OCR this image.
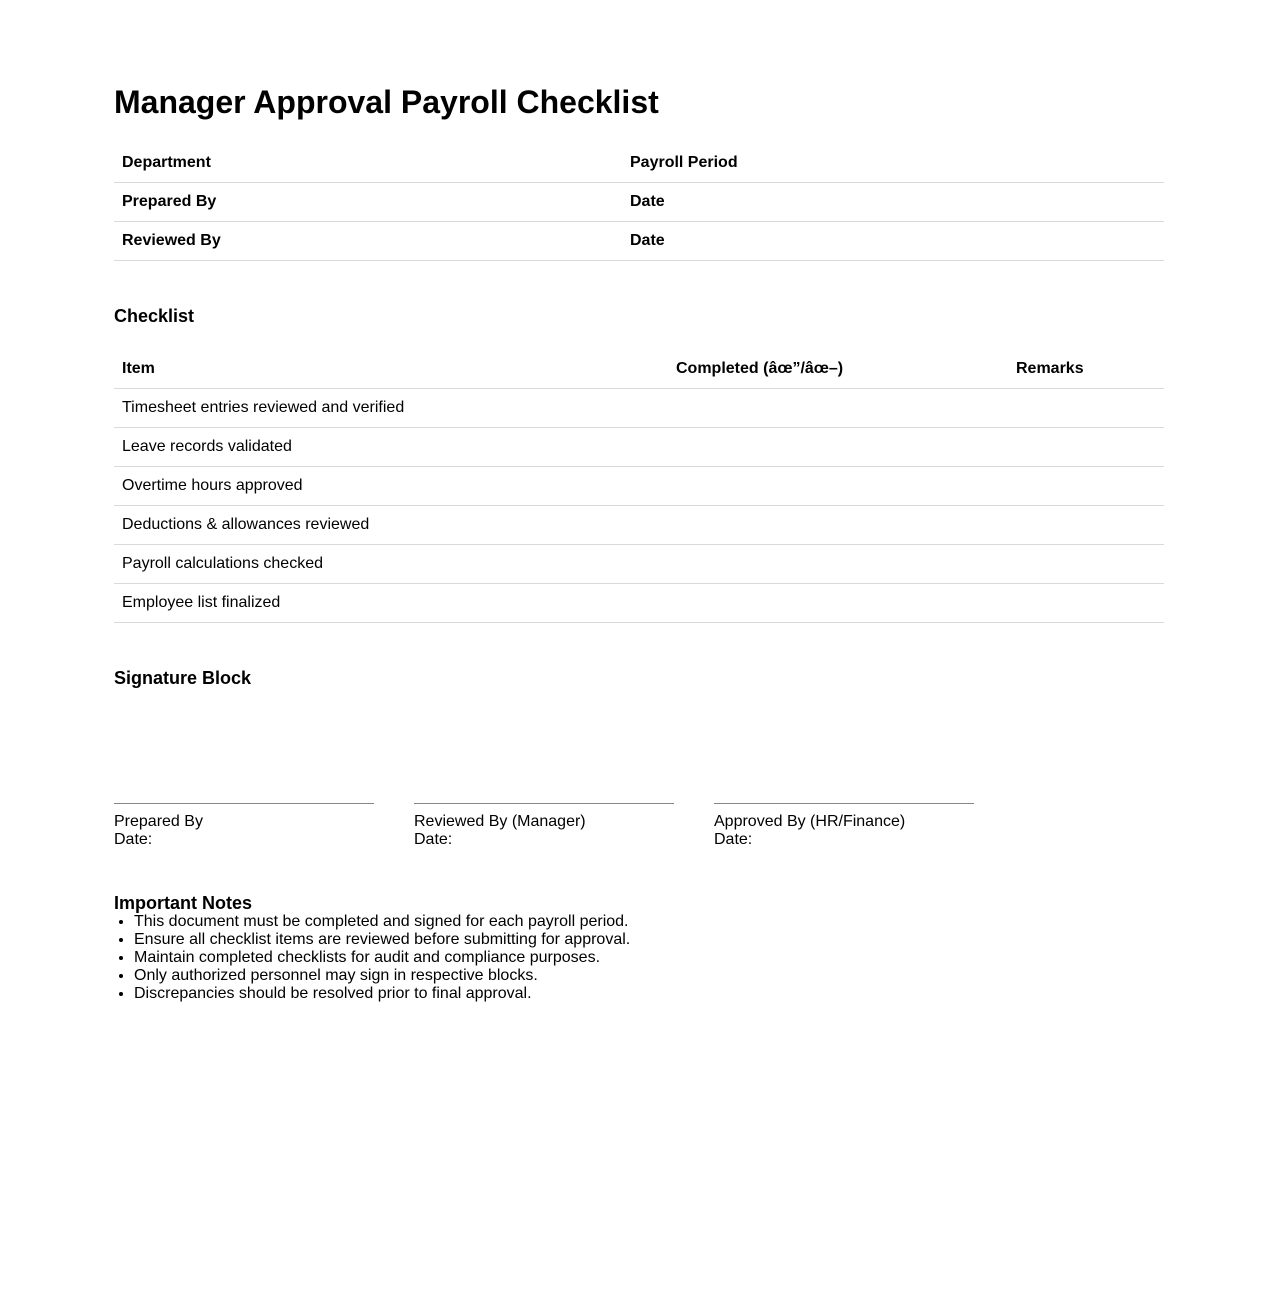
Manager Approval Payroll Checklist
Department	Payroll Period
Prepared By	Date
Reviewed By	Date
Checklist
Item	Completed (âœ”/âœ–)	Remarks
Timesheet entries reviewed and verified		
Leave records validated		
Overtime hours approved		
Deductions & allowances reviewed		
Payroll calculations checked		
Employee list finalized		
Signature Block
Prepared By
Date:
Reviewed By (Manager)
Date:
Approved By (HR/Finance)
Date:
Important Notes
• This document must be completed and signed for each payroll period.
• Ensure all checklist items are reviewed before submitting for approval.
• Maintain completed checklists for audit and compliance purposes.
• Only authorized personnel may sign in respective blocks.
• Discrepancies should be resolved prior to final approval.
